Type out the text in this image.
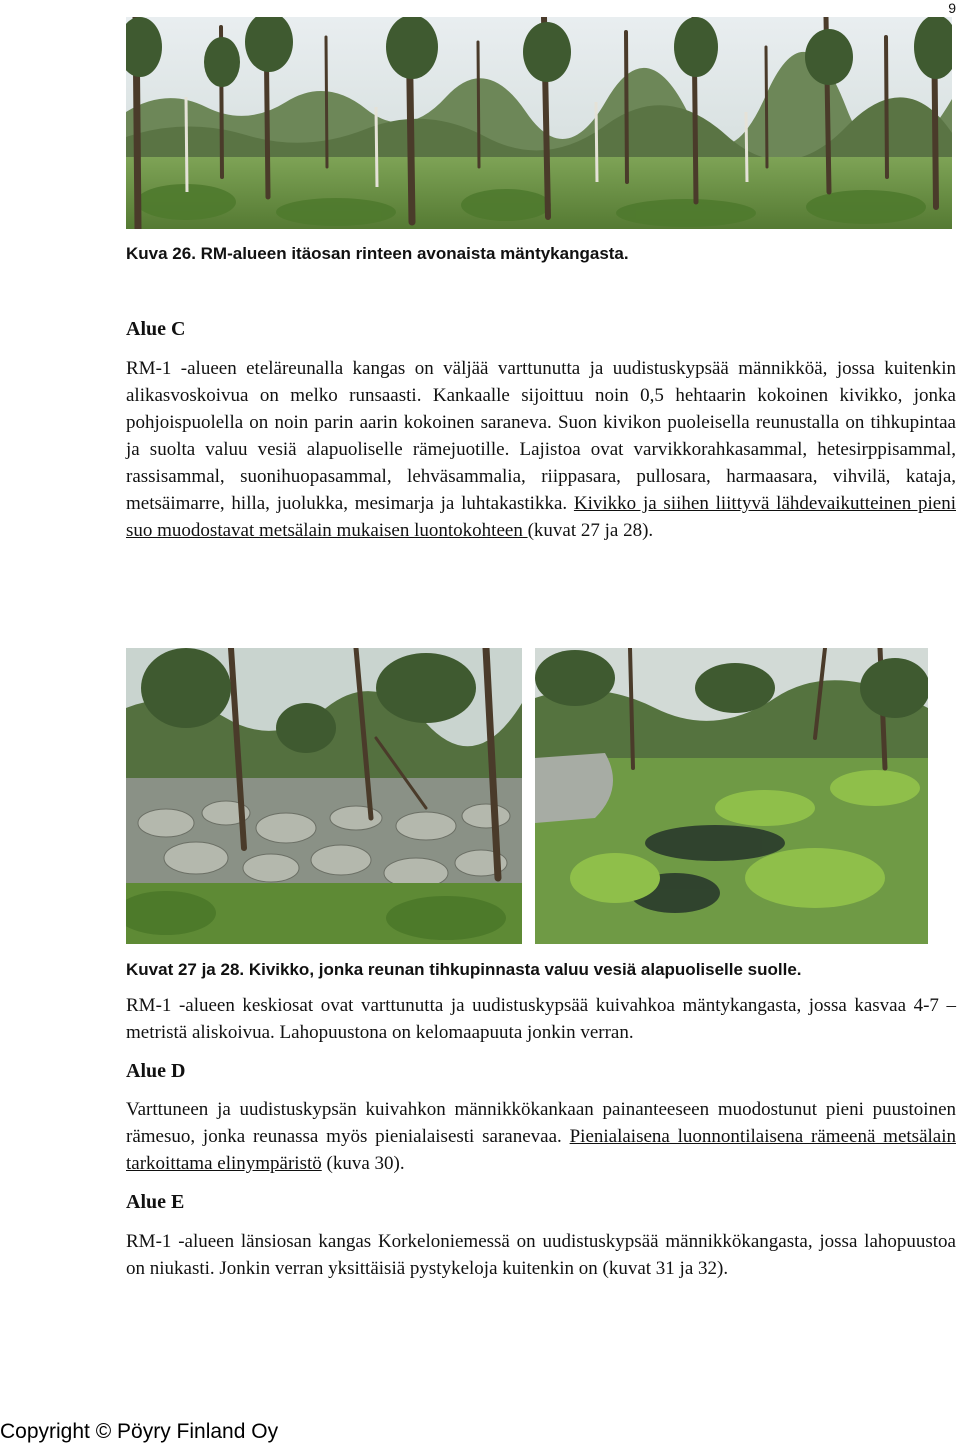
9
Kuva 26. RM-alueen itäosan rinteen avonaista mäntykangasta.
Alue C
RM-1 -alueen eteläreunalla kangas on väljää varttunutta ja uudistuskypsää männikköä, jossa kuitenkin alikasvoskoivua on melko runsaasti. Kankaalle sijoittuu noin 0,5 hehtaarin kokoinen kivikko, jonka pohjoispuolella on noin parin aarin kokoinen saraneva. Suon kivikon puoleisella reunustalla on tihkupintaa ja suolta valuu vesiä alapuoliselle rämejuotille. Lajistoa ovat varvikkorahkasammal, hetesirppisammal, rassisammal, suonihuopasammal, lehväsammalia, riippasara, pullosara, harmaasara, vihvilä, kataja, metsäimarre, hilla, juolukka, mesimarja ja luhtakastikka. Kivikko ja siihen liittyvä lähdevaikutteinen pieni suo muodostavat metsälain mukaisen luontokohteen (kuvat 27 ja 28).
Kuvat 27 ja 28. Kivikko, jonka reunan tihkupinnasta valuu vesiä alapuoliselle suolle.
RM-1 -alueen keskiosat ovat varttunutta ja uudistuskypsää kuivahkoa mäntykangasta, jossa kasvaa 4-7 –metristä aliskoivua. Lahopuustona on kelomaapuuta jonkin verran.
Alue D
Varttuneen ja uudistuskypsän kuivahkon männikkökankaan painanteeseen muodostunut pieni puustoinen rämesuo, jonka reunassa myös pienialaisesti saranevaa. Pienialaisena luonnontilaisena rämeenä metsälain tarkoittama elinympäristö (kuva 30).
Alue E
RM-1 -alueen länsiosan kangas Korkeloniemessä on uudistuskypsää männikkökangasta, jossa lahopuustoa on niukasti. Jonkin verran yksittäisiä pystykeloja kuitenkin on (kuvat 31 ja 32).
Copyright © Pöyry Finland Oy
